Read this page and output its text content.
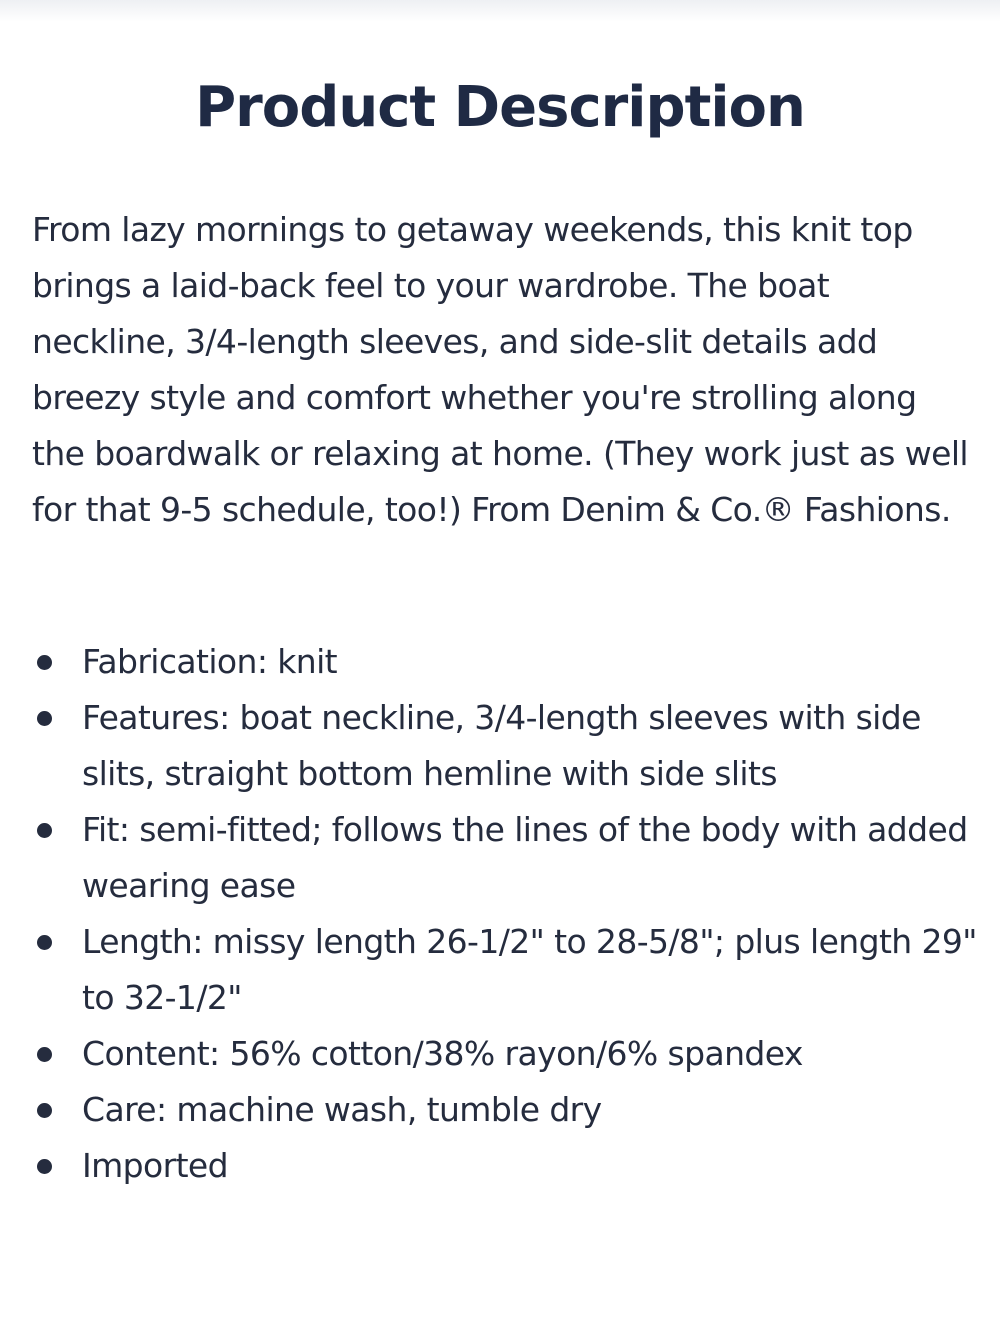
Product Description

From lazy mornings to getaway weekends, this knit top brings a laid-back feel to your wardrobe. The boat neckline, 3/4-length sleeves, and side-slit details add breezy style and comfort whether you're strolling along the boardwalk or relaxing at home. (They work just as well for that 9-5 schedule, too!) From Denim & Co.® Fashions.

Fabrication: knit
Features: boat neckline, 3/4-length sleeves with side slits, straight bottom hemline with side slits
Fit: semi-fitted; follows the lines of the body with added wearing ease
Length: missy length 26-1/2" to 28-5/8"; plus length 29" to 32-1/2"
Content: 56% cotton/38% rayon/6% spandex
Care: machine wash, tumble dry
Imported
